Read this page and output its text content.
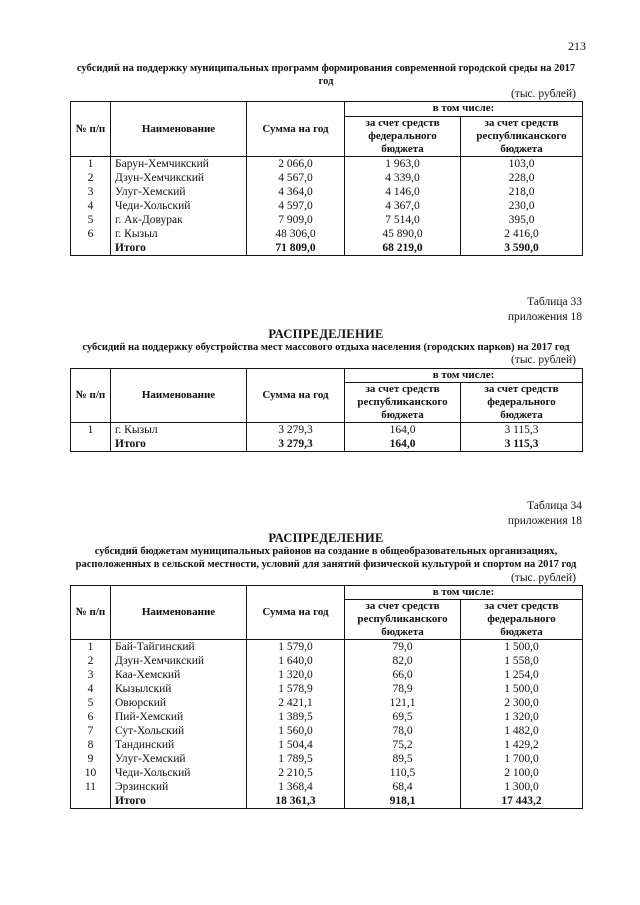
213
субсидий на поддержку муниципальных программ формирования современной городской среды на 2017 год
(тыс. рублей)
№ п/п	Наименование	Сумма на год	в том числе:	
			за счет средств федерального бюджета	за счет средств республиканского бюджета
1	Барун-Хемчикский	2 066,0	1 963,0	103,0
2	Дзун-Хемчикский	4 567,0	4 339,0	228,0
3	Улуг-Хемский	4 364,0	4 146,0	218,0
4	Чеди-Хольский	4 597,0	4 367,0	230,0
5	г. Ак-Довурак	7 909,0	7 514,0	395,0
6	г. Кызыл	48 306,0	45 890,0	2 416,0
	Итого	71 809,0	68 219,0	3 590,0
Таблица 33
приложения 18
РАСПРЕДЕЛЕНИЕ
субсидий на поддержку обустройства мест массового отдыха населения (городских парков) на 2017 год
(тыс. рублей)
№ п/п	Наименование	Сумма на год	в том числе:	
			за счет средств республиканского бюджета	за счет средств федерального бюджета
1	г. Кызыл	3 279,3	164,0	3 115,3
	Итого	3 279,3	164,0	3 115,3
Таблица 34
приложения 18
РАСПРЕДЕЛЕНИЕ
субсидий бюджетам муниципальных районов на создание в общеобразовательных организациях, расположенных в сельской местности, условий для занятий физической культурой и спортом на 2017 год
(тыс. рублей)
№ п/п	Наименование	Сумма на год	в том числе:	
			за счет средств республиканского бюджета	за счет средств федерального бюджета
1	Бай-Тайгинский	1 579,0	79,0	1 500,0
2	Дзун-Хемчикский	1 640,0	82,0	1 558,0
3	Каа-Хемский	1 320,0	66,0	1 254,0
4	Кызылский	1 578,9	78,9	1 500,0
5	Овюрский	2 421,1	121,1	2 300,0
6	Пий-Хемский	1 389,5	69,5	1 320,0
7	Сут-Хольский	1 560,0	78,0	1 482,0
8	Тандинский	1 504,4	75,2	1 429,2
9	Улуг-Хемский	1 789,5	89,5	1 700,0
10	Чеди-Хольский	2 210,5	110,5	2 100,0
11	Эрзинский	1 368,4	68,4	1 300,0
	Итого	18 361,3	918,1	17 443,2
